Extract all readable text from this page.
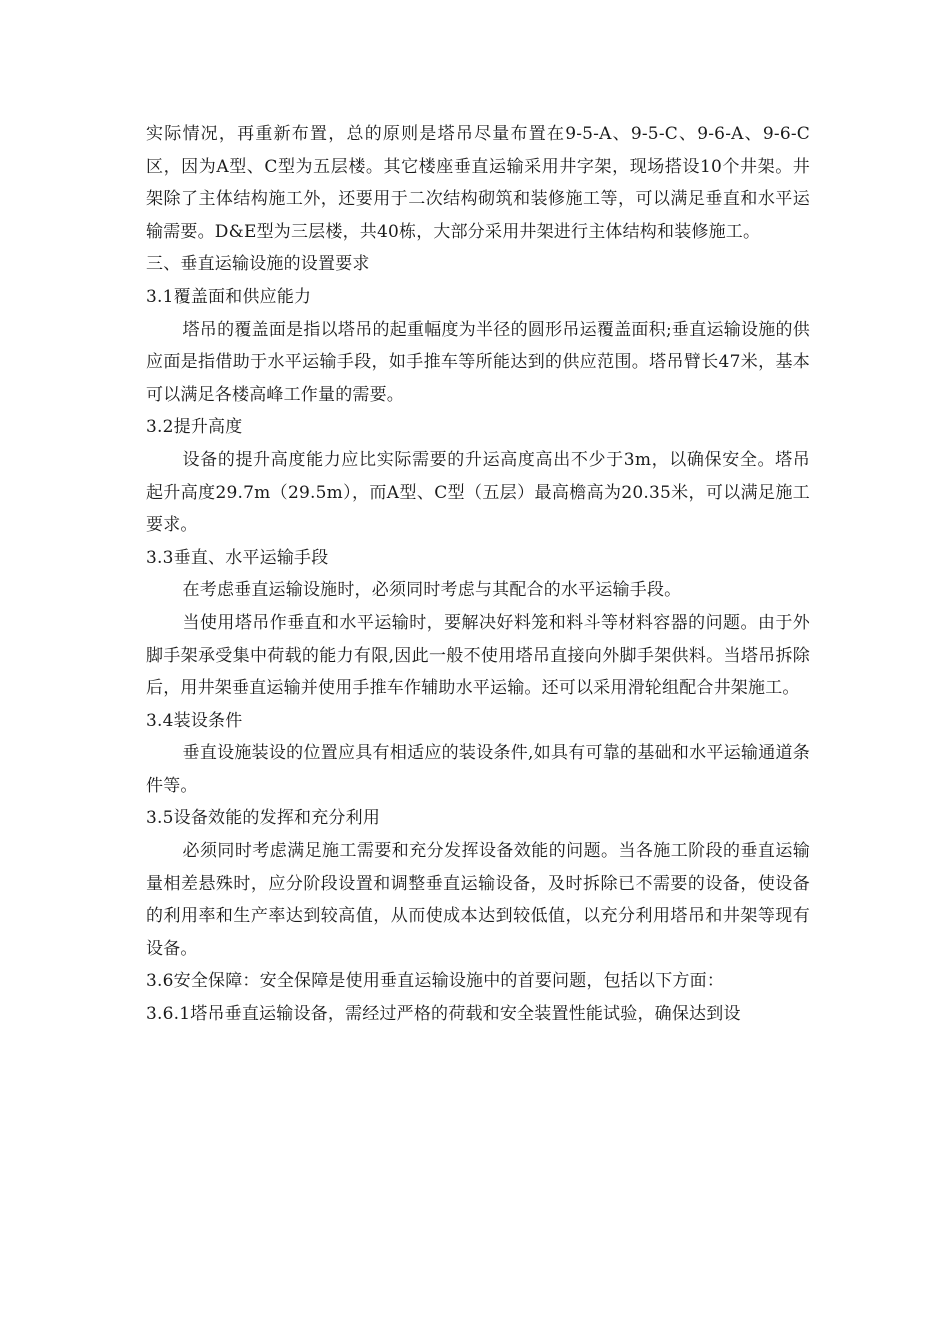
实际情况，再重新布置，总的原则是塔吊尽量布置在9-5-A、9-5-C、9-6-A、9-6-C区，因为A型、C型为五层楼。其它楼座垂直运输采用井字架，现场搭设10个井架。井架除了主体结构施工外，还要用于二次结构砌筑和装修施工等，可以满足垂直和水平运输需要。D&E型为三层楼，共40栋，大部分采用井架进行主体结构和装修施工。

三、垂直运输设施的设置要求

3.1覆盖面和供应能力

塔吊的覆盖面是指以塔吊的起重幅度为半径的圆形吊运覆盖面积;垂直运输设施的供应面是指借助于水平运输手段，如手推车等所能达到的供应范围。塔吊臂长47米，基本可以满足各楼高峰工作量的需要。

3.2提升高度

设备的提升高度能力应比实际需要的升运高度高出不少于3m，以确保安全。塔吊起升高度29.7m（29.5m），而A型、C型（五层）最高檐高为20.35米，可以满足施工要求。

3.3垂直、水平运输手段

在考虑垂直运输设施时，必须同时考虑与其配合的水平运输手段。

当使用塔吊作垂直和水平运输时，要解决好料笼和料斗等材料容器的问题。由于外脚手架承受集中荷载的能力有限,因此一般不使用塔吊直接向外脚手架供料。当塔吊拆除后，用井架垂直运输并使用手推车作辅助水平运输。还可以采用滑轮组配合井架施工。

3.4装设条件

垂直设施装设的位置应具有相适应的装设条件,如具有可靠的基础和水平运输通道条件等。

3.5设备效能的发挥和充分利用

必须同时考虑满足施工需要和充分发挥设备效能的问题。当各施工阶段的垂直运输量相差悬殊时，应分阶段设置和调整垂直运输设备，及时拆除已不需要的设备，使设备的利用率和生产率达到较高值，从而使成本达到较低值，以充分利用塔吊和井架等现有设备。

3.6安全保障：安全保障是使用垂直运输设施中的首要问题，包括以下方面：

3.6.1塔吊垂直运输设备，需经过严格的荷载和安全装置性能试验，确保达到设
